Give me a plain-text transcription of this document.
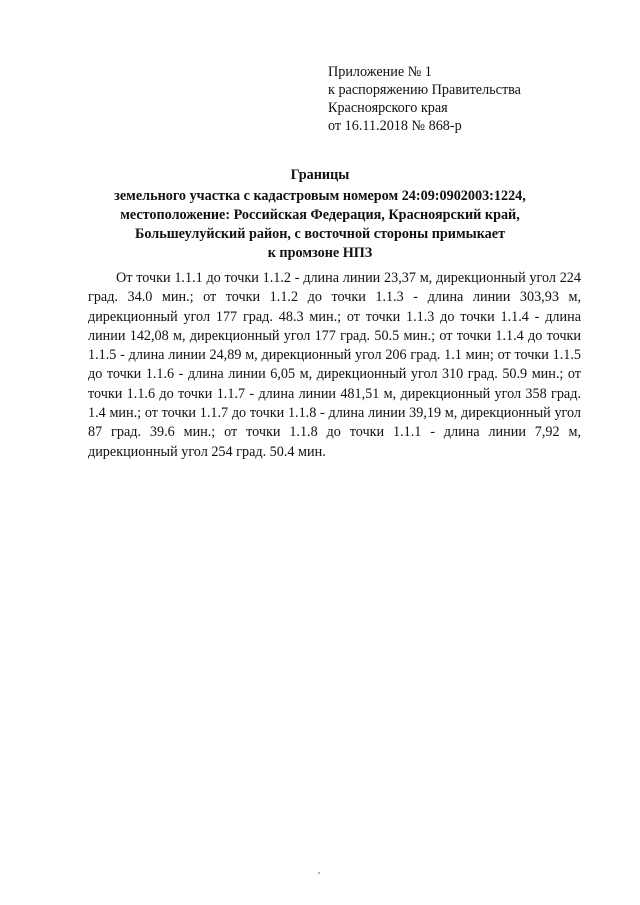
Приложение № 1
к распоряжению Правительства
Красноярского края
от 16.11.2018 № 868-р
Границы
земельного участка с кадастровым номером 24:09:0902003:1224,
местоположение: Российская Федерация, Красноярский край,
Большеулуйский район, с восточной стороны примыкает
к промзоне НПЗ

От точки 1.1.1 до точки 1.1.2 - длина линии 23,37 м, дирекционный угол 224 град. 34.0 мин.; от точки 1.1.2 до точки 1.1.3 - длина линии 303,93 м, дирекционный угол 177 град. 48.3 мин.; от точки 1.1.3 до точки 1.1.4 - длина линии 142,08 м, дирекционный угол 177 град. 50.5 мин.; от точки 1.1.4 до точки 1.1.5 - длина линии 24,89 м, дирекционный угол 206 град. 1.1 мин; от точки 1.1.5 до точки 1.1.6 - длина линии 6,05 м, дирекционный угол 310 град. 50.9 мин.; от точки 1.1.6 до точки 1.1.7 - длина линии 481,51 м, дирекционный угол 358 град. 1.4 мин.; от точки 1.1.7 до точки 1.1.8 - длина линии 39,19 м, дирекционный угол 87 град. 39.6 мин.; от точки 1.1.8 до точки 1.1.1 - длина линии 7,92 м, дирекционный угол 254 град. 50.4 мин.
